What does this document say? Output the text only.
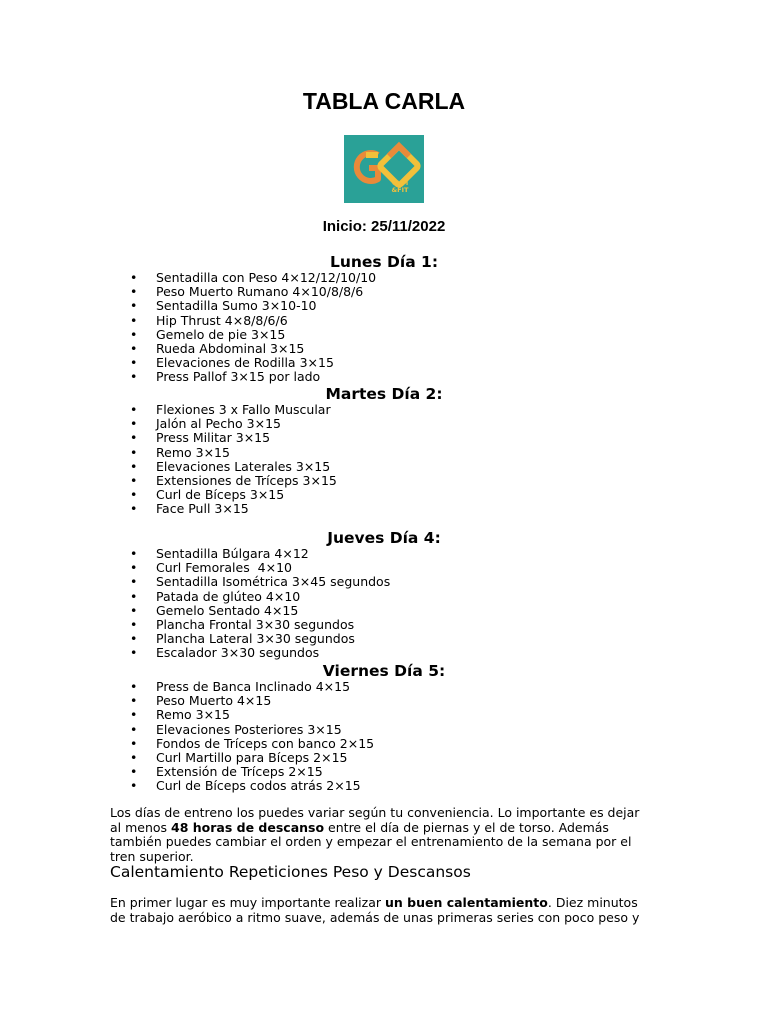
TABLA CARLA
GYM
&FIT

Inicio: 25/11/2022

Lunes Día 1:
• Sentadilla con Peso 4×12/12/10/10
• Peso Muerto Rumano 4×10/8/8/6
• Sentadilla Sumo 3×10-10
• Hip Thrust 4×8/8/6/6
• Gemelo de pie 3×15
• Rueda Abdominal 3×15
• Elevaciones de Rodilla 3×15
• Press Pallof 3×15 por lado
Martes Día 2:
• Flexiones 3 x Fallo Muscular
• Jalón al Pecho 3×15
• Press Militar 3×15
• Remo 3×15
• Elevaciones Laterales 3×15
• Extensiones de Tríceps 3×15
• Curl de Bíceps 3×15
• Face Pull 3×15
Jueves Día 4:
• Sentadilla Búlgara 4×12
• Curl Femorales  4×10
• Sentadilla Isométrica 3×45 segundos
• Patada de glúteo 4×10
• Gemelo Sentado 4×15
• Plancha Frontal 3×30 segundos
• Plancha Lateral 3×30 segundos
• Escalador 3×30 segundos
Viernes Día 5:
• Press de Banca Inclinado 4×15
• Peso Muerto 4×15
• Remo 3×15
• Elevaciones Posteriores 3×15
• Fondos de Tríceps con banco 2×15
• Curl Martillo para Bíceps 2×15
• Extensión de Tríceps 2×15
• Curl de Bíceps codos atrás 2×15

Los días de entreno los puedes variar según tu conveniencia. Lo importante es dejar
al menos 48 horas de descanso entre el día de piernas y el de torso. Además
también puedes cambiar el orden y empezar el entrenamiento de la semana por el
tren superior.

Calentamiento Repeticiones Peso y Descansos

En primer lugar es muy importante realizar un buen calentamiento. Diez minutos
de trabajo aeróbico a ritmo suave, además de unas primeras series con poco peso y
